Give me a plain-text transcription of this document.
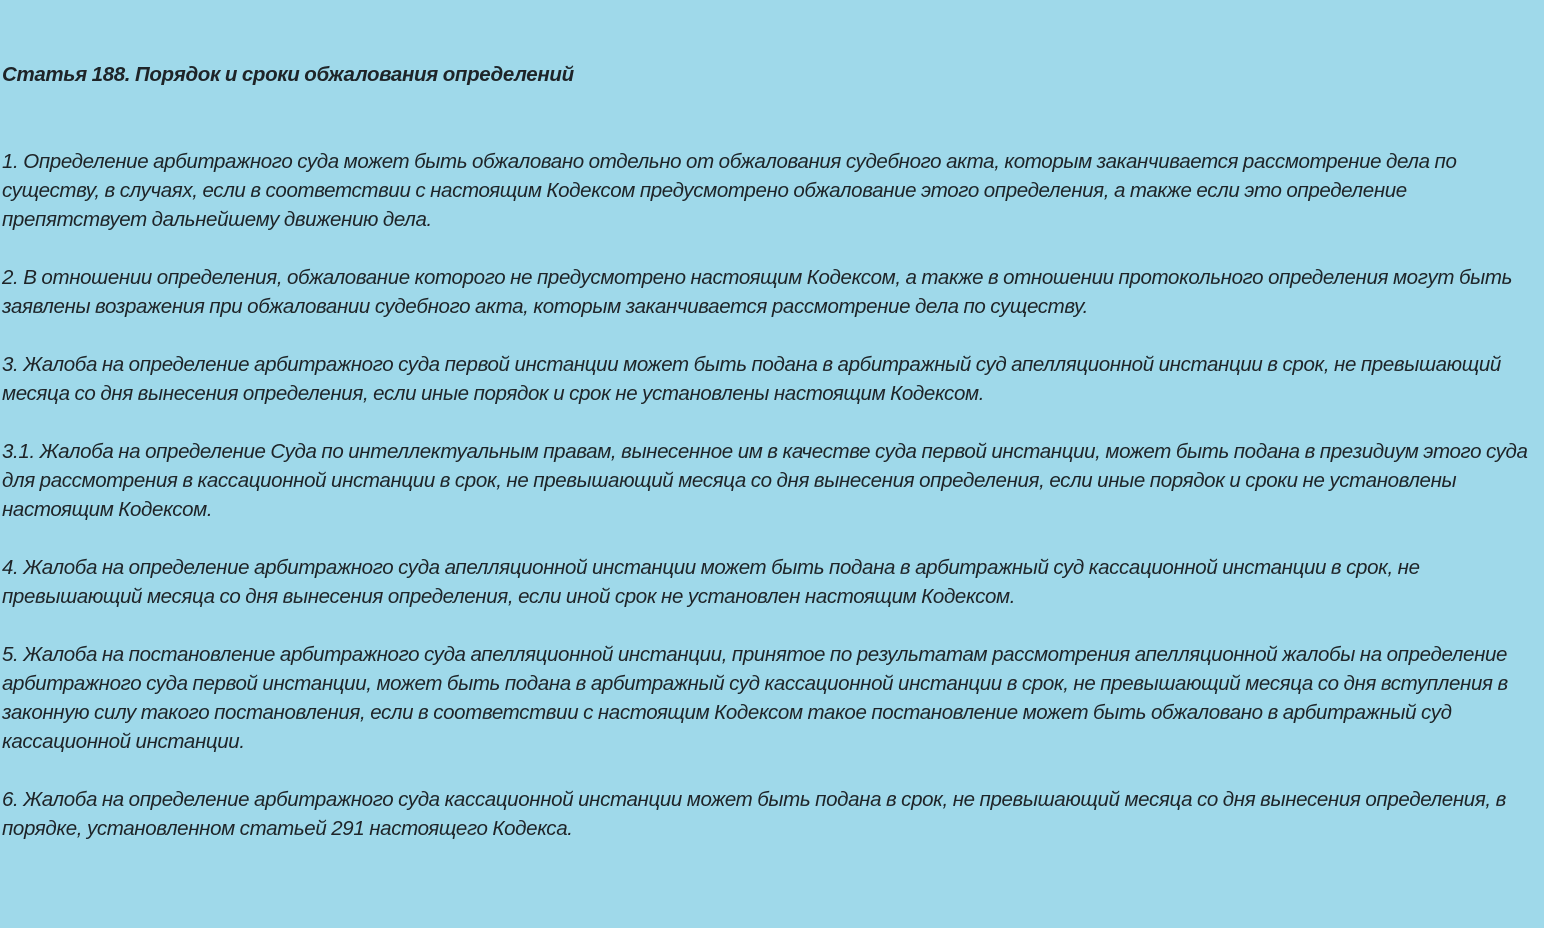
Статья 188. Порядок и сроки обжалования определений

1. Определение арбитражного суда может быть обжаловано отдельно от обжалования судебного акта, которым заканчивается рассмотрение дела по существу, в случаях, если в соответствии с настоящим Кодексом предусмотрено обжалование этого определения, а также если это определение препятствует дальнейшему движению дела.

2. В отношении определения, обжалование которого не предусмотрено настоящим Кодексом, а также в отношении протокольного определения могут быть заявлены возражения при обжаловании судебного акта, которым заканчивается рассмотрение дела по существу.

3. Жалоба на определение арбитражного суда первой инстанции может быть подана в арбитражный суд апелляционной инстанции в срок, не превышающий месяца со дня вынесения определения, если иные порядок и срок не установлены настоящим Кодексом.

3.1. Жалоба на определение Суда по интеллектуальным правам, вынесенное им в качестве суда первой инстанции, может быть подана в президиум этого суда для рассмотрения в кассационной инстанции в срок, не превышающий месяца со дня вынесения определения, если иные порядок и сроки не установлены настоящим Кодексом.

4. Жалоба на определение арбитражного суда апелляционной инстанции может быть подана в арбитражный суд кассационной инстанции в срок, не превышающий месяца со дня вынесения определения, если иной срок не установлен настоящим Кодексом.

5. Жалоба на постановление арбитражного суда апелляционной инстанции, принятое по результатам рассмотрения апелляционной жалобы на определение арбитражного суда первой инстанции, может быть подана в арбитражный суд кассационной инстанции в срок, не превышающий месяца со дня вступления в законную силу такого постановления, если в соответствии с настоящим Кодексом такое постановление может быть обжаловано в арбитражный суд кассационной инстанции.

6. Жалоба на определение арбитражного суда кассационной инстанции может быть подана в срок, не превышающий месяца со дня вынесения определения, в порядке, установленном статьей 291 настоящего Кодекса.
